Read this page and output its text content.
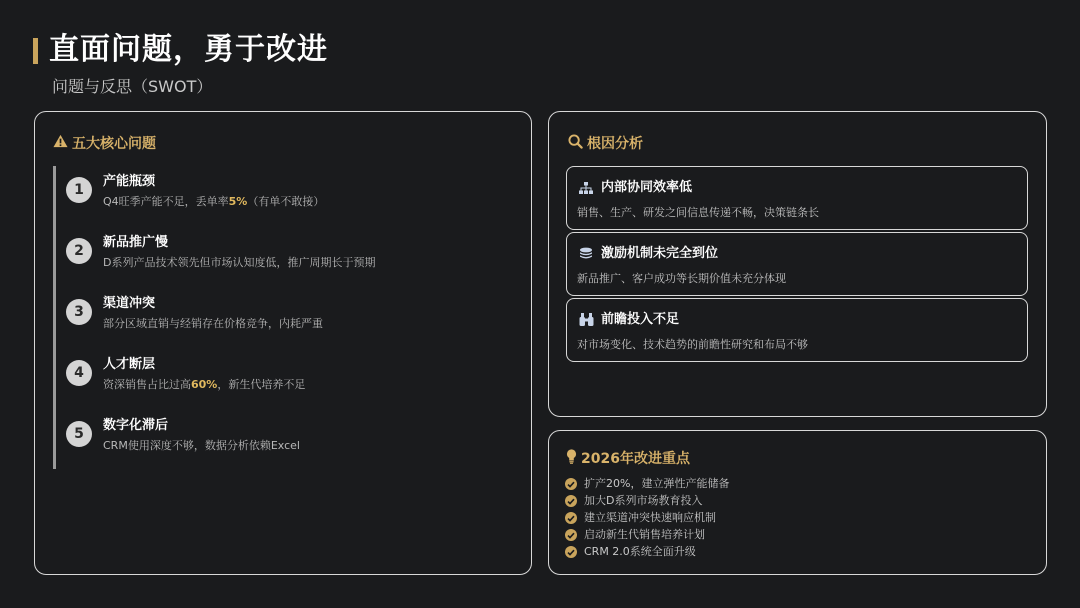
直面问题，勇于改进
问题与反思（SWOT）
五大核心问题
1
产能瓶颈
Q4旺季产能不足，丢单率5%（有单不敢接）
2
新品推广慢
D系列产品技术领先但市场认知度低，推广周期长于预期
3
渠道冲突
部分区域直销与经销存在价格竞争，内耗严重
4
人才断层
资深销售占比过高60%，新生代培养不足
5
数字化滞后
CRM使用深度不够，数据分析依赖Excel
根因分析
内部协同效率低
销售、生产、研发之间信息传递不畅，决策链条长
激励机制未完全到位
新品推广、客户成功等长期价值未充分体现
前瞻投入不足
对市场变化、技术趋势的前瞻性研究和布局不够
2026年改进重点
扩产20%，建立弹性产能储备
加大D系列市场教育投入
建立渠道冲突快速响应机制
启动新生代销售培养计划
CRM 2.0系统全面升级
